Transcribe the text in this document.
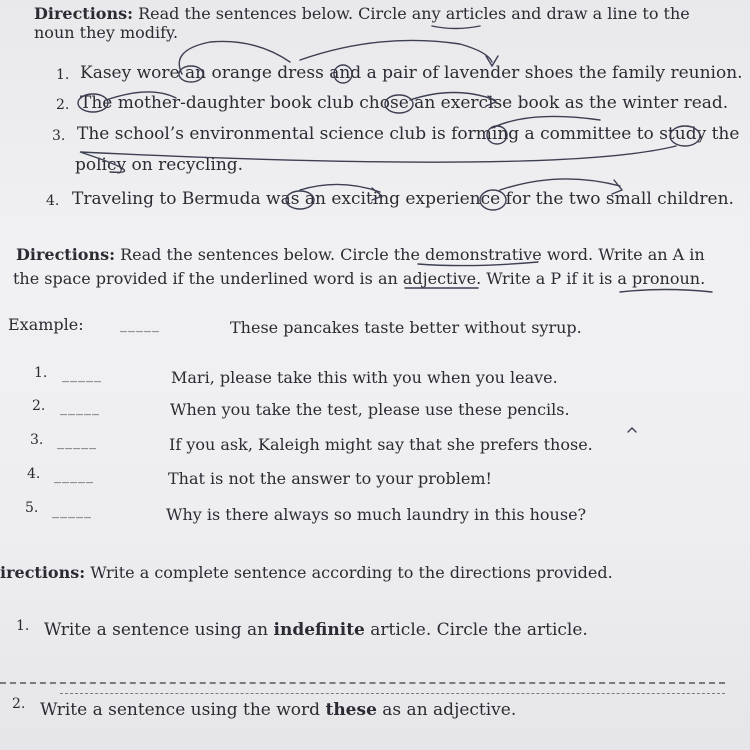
Directions: Read the sentences below. Circle any articles and draw a line to the noun they modify.
1. Kasey wore an orange dress and a pair of lavender shoes the family reunion.
2. The mother-daughter book club chose an exercise book as the winter read.
3. The school’s environmental science club is forming a committee to study the
policy on recycling.
4. Traveling to Bermuda was an exciting experience for the two small children.
Directions: Read the sentences below. Circle the demonstrative word. Write an A in
the space provided if the underlined word is an adjective. Write a P if it is a pronoun.
Example:	_____	These pancakes taste better without syrup.
1. _____	Mari, please take this with you when you leave.
2. _____	When you take the test, please use these pencils.
3. _____	If you ask, Kaleigh might say that she prefers those.
4. _____	That is not the answer to your problem!
5. _____	Why is there always so much laundry in this house?
irections: Write a complete sentence according to the directions provided.
1. Write a sentence using an indefinite article. Circle the article.
2. Write a sentence using the word these as an adjective.
